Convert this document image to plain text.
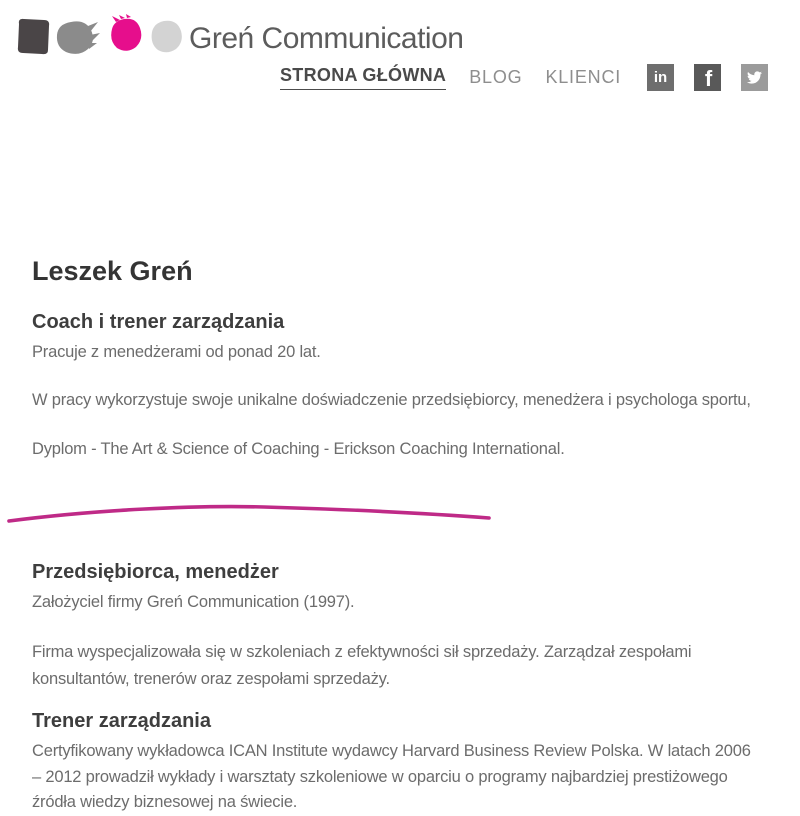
Greń Communication
STRONA GŁÓWNA BLOG KLIENCI in f
Leszek Greń
Coach i trener zarządzania
Pracuje z menedżerami od ponad 20 lat.
W pracy wykorzystuje swoje unikalne doświadczenie przedsiębiorcy, menedżera i psychologa sportu,
Dyplom - The Art & Science of Coaching - Erickson Coaching International.
Przedsiębiorca, menedżer
Założyciel firmy Greń Communication (1997).
Firma wyspecjalizowała się w szkoleniach z efektywności sił sprzedaży. Zarządzał zespołami
konsultantów, trenerów oraz zespołami sprzedaży.
Trener zarządzania
Certyfikowany wykładowca ICAN Institute wydawcy Harvard Business Review Polska. W latach 2006
– 2012 prowadził wykłady i warsztaty szkoleniowe w oparciu o programy najbardziej prestiżowego
źródła wiedzy biznesowej na świecie.
